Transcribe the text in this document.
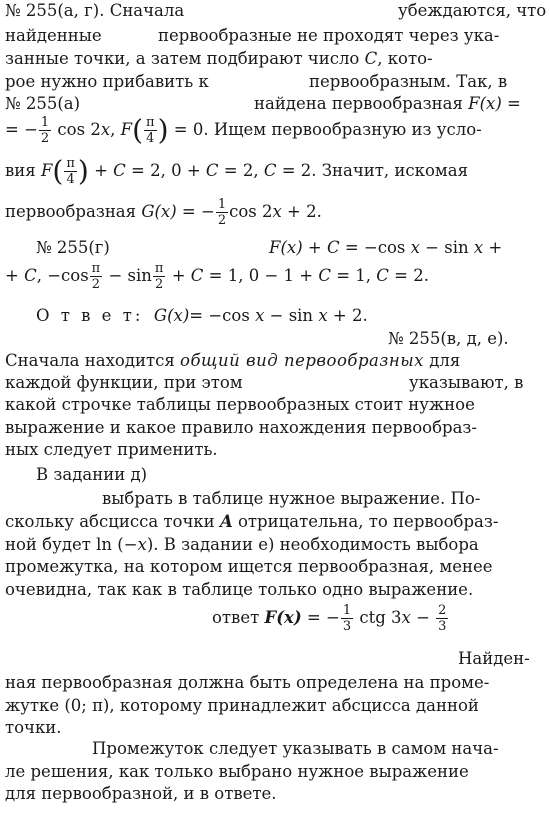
№ 255(а, г). Сначала	убеждаются, что
найденные	первообразные не проходят через ука-
занные точки, а затем подбирают число C, кото-
рое нужно прибавить к	первообразным. Так, в
№ 255(а)	найдена первообразная F(x) =
= − $\frac{1}{2}$ cos 2x, $F( \frac{\pi}{4}$ ) = 0. Ищем первообразную из усло-
вия $F( \frac{\pi}{4}$ ) + C = 2, 0 + C = 2, C = 2. Значит, искомая
первообразная G(x) = − $\frac{1}{2}$ cos 2x + 2.
№ 255(г)	F(x) + C = −cos x − sin x +
+ C, $-\cos \frac{\pi}{2} - \sin \frac{\pi}{2} + C = 1$, 0 − 1 + C = 1, C = 2.
О т в е т: G(x)= −cos x − sin x + 2.
№ 255(в, д, е).
Сначала находится общий вид первообразных для
каждой функции, при этом	указывают, в
какой строчке таблицы первообразных стоит нужное
выражение и какое правило нахождения первообраз-
ных следует применить.
В задании д)
выбрать в таблице нужное выражение. По-
скольку абсцисса точки A отрицательна, то первообраз-
ной будет ln (−x). В задании е) необходимость выбора
промежутка, на котором ищется первообразная, менее
очевидна, так как в таблице только одно выражение.
ответ F(x) = − $\frac{1}{3}$ ctg $3x - \frac{2}{3}$
Найден-
ная первообразная должна быть определена на проме-
жутке (0; π), которому принадлежит абсцисса данной
точки.
Промежуток следует указывать в самом нача-
ле решения, как только выбрано нужное выражение
для первообразной, и в ответе.
